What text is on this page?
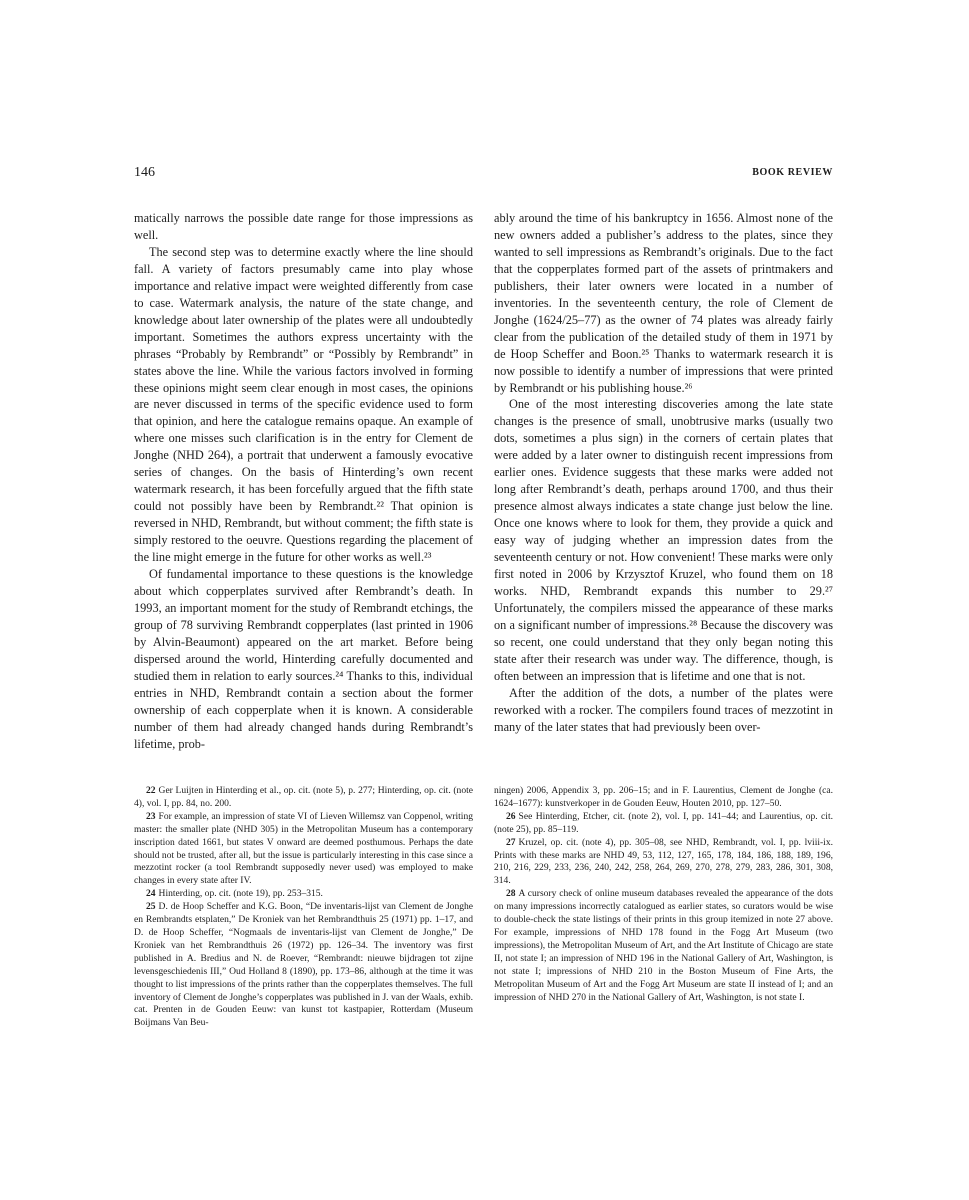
146	BOOK REVIEW

matically narrows the possible date range for those impressions as well.

The second step was to determine exactly where the line should fall. A variety of factors presumably came into play whose importance and relative impact were weighted differently from case to case. Watermark analysis, the nature of the state change, and knowledge about later ownership of the plates were all undoubtedly important. Sometimes the authors express uncertainty with the phrases “Probably by Rembrandt” or “Possibly by Rembrandt” in states above the line. While the various factors involved in forming these opinions might seem clear enough in most cases, the opinions are never discussed in terms of the specific evidence used to form that opinion, and here the catalogue remains opaque. An example of where one misses such clarification is in the entry for Clement de Jonghe (NHD 264), a portrait that underwent a famously evocative series of changes. On the basis of Hinterding’s own recent watermark research, it has been forcefully argued that the fifth state could not possibly have been by Rembrandt.²² That opinion is reversed in NHD, Rembrandt, but without comment; the fifth state is simply restored to the oeuvre. Questions regarding the placement of the line might emerge in the future for other works as well.²³

Of fundamental importance to these questions is the knowledge about which copperplates survived after Rembrandt’s death. In 1993, an important moment for the study of Rembrandt etchings, the group of 78 surviving Rembrandt copperplates (last printed in 1906 by Alvin-Beaumont) appeared on the art market. Before being dispersed around the world, Hinterding carefully documented and studied them in relation to early sources.²⁴ Thanks to this, individual entries in NHD, Rembrandt contain a section about the former ownership of each copperplate when it is known. A considerable number of them had already changed hands during Rembrandt’s lifetime, prob-

ably around the time of his bankruptcy in 1656. Almost none of the new owners added a publisher’s address to the plates, since they wanted to sell impressions as Rembrandt’s originals. Due to the fact that the copperplates formed part of the assets of printmakers and publishers, their later owners were located in a number of inventories. In the seventeenth century, the role of Clement de Jonghe (1624/25–77) as the owner of 74 plates was already fairly clear from the publication of the detailed study of them in 1971 by de Hoop Scheffer and Boon.²⁵ Thanks to watermark research it is now possible to identify a number of impressions that were printed by Rembrandt or his publishing house.²⁶

One of the most interesting discoveries among the late state changes is the presence of small, unobtrusive marks (usually two dots, sometimes a plus sign) in the corners of certain plates that were added by a later owner to distinguish recent impressions from earlier ones. Evidence suggests that these marks were added not long after Rembrandt’s death, perhaps around 1700, and thus their presence almost always indicates a state change just below the line. Once one knows where to look for them, they provide a quick and easy way of judging whether an impression dates from the seventeenth century or not. How convenient! These marks were only first noted in 2006 by Krzysztof Kruzel, who found them on 18 works. NHD, Rembrandt expands this number to 29.²⁷ Unfortunately, the compilers missed the appearance of these marks on a significant number of impressions.²⁸ Because the discovery was so recent, one could understand that they only began noting this state after their research was under way. The difference, though, is often between an impression that is lifetime and one that is not.

After the addition of the dots, a number of the plates were reworked with a rocker. The compilers found traces of mezzotint in many of the later states that had previously been over-

22 Ger Luijten in Hinterding et al., op. cit. (note 5), p. 277; Hinterding, op. cit. (note 4), vol. I, pp. 84, no. 200.

23 For example, an impression of state VI of Lieven Willemsz van Coppenol, writing master: the smaller plate (NHD 305) in the Metropolitan Museum has a contemporary inscription dated 1661, but states V onward are deemed posthumous. Perhaps the date should not be trusted, after all, but the issue is particularly interesting in this case since a mezzotint rocker (a tool Rembrandt supposedly never used) was employed to make changes in every state after IV.

24 Hinterding, op. cit. (note 19), pp. 253–315.

25 D. de Hoop Scheffer and K.G. Boon, “De inventaris-lijst van Clement de Jonghe en Rembrandts etsplaten,” De Kroniek van het Rembrandthuis 25 (1971) pp. 1–17, and D. de Hoop Scheffer, “Nogmaals de inventaris-lijst van Clement de Jonghe,” De Kroniek van het Rembrandthuis 26 (1972) pp. 126–34. The inventory was first published in A. Bredius and N. de Roever, “Rembrandt: nieuwe bijdragen tot zijne levensgeschiedenis III,” Oud Holland 8 (1890), pp. 173–86, although at the time it was thought to list impressions of the prints rather than the copperplates themselves. The full inventory of Clement de Jonghe’s copperplates was published in J. van der Waals, exhib. cat. Prenten in de Gouden Eeuw: van kunst tot kastpapier, Rotterdam (Museum Boijmans Van Beu-

ningen) 2006, Appendix 3, pp. 206–15; and in F. Laurentius, Clement de Jonghe (ca. 1624–1677): kunstverkoper in de Gouden Eeuw, Houten 2010, pp. 127–50.

26 See Hinterding, Etcher, cit. (note 2), vol. I, pp. 141–44; and Laurentius, op. cit. (note 25), pp. 85–119.

27 Kruzel, op. cit. (note 4), pp. 305–08, see NHD, Rembrandt, vol. I, pp. lviii-ix. Prints with these marks are NHD 49, 53, 112, 127, 165, 178, 184, 186, 188, 189, 196, 210, 216, 229, 233, 236, 240, 242, 258, 264, 269, 270, 278, 279, 283, 286, 301, 308, 314.

28 A cursory check of online museum databases revealed the appearance of the dots on many impressions incorrectly catalogued as earlier states, so curators would be wise to double-check the state listings of their prints in this group itemized in note 27 above. For example, impressions of NHD 178 found in the Fogg Art Museum (two impressions), the Metropolitan Museum of Art, and the Art Institute of Chicago are state II, not state I; an impression of NHD 196 in the National Gallery of Art, Washington, is not state I; impressions of NHD 210 in the Boston Museum of Fine Arts, the Metropolitan Museum of Art and the Fogg Art Museum are state II instead of I; and an impression of NHD 270 in the National Gallery of Art, Washington, is not state I.
